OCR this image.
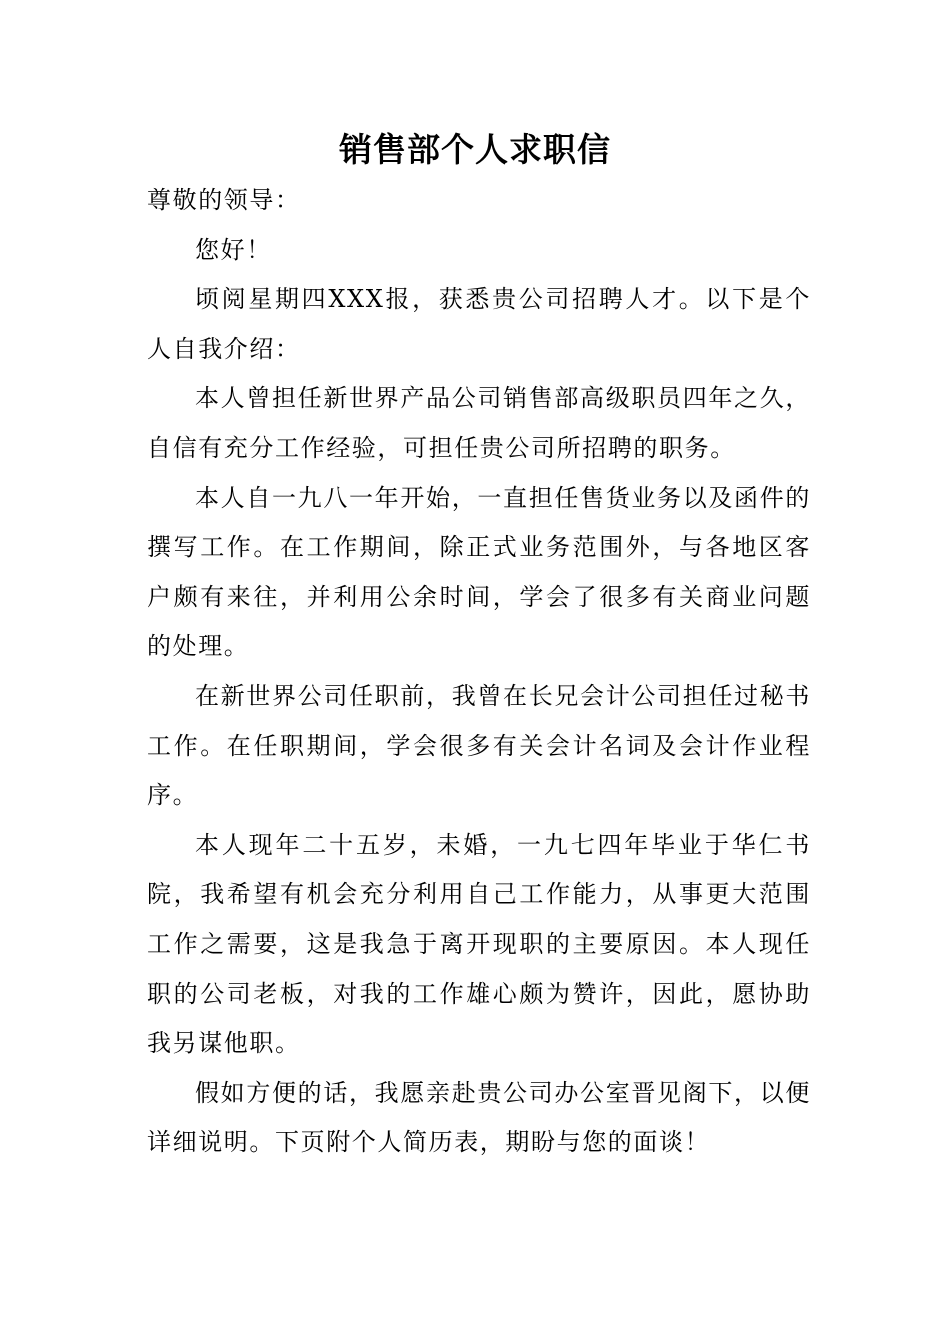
销售部个人求职信

尊敬的领导：

您好！

顷阅星期四XXX报，获悉贵公司招聘人才。以下是个人自我介绍：

本人曾担任新世界产品公司销售部高级职员四年之久，自信有充分工作经验，可担任贵公司所招聘的职务。

本人自一九八一年开始，一直担任售货业务以及函件的撰写工作。在工作期间，除正式业务范围外，与各地区客户颇有来往，并利用公余时间，学会了很多有关商业问题的处理。

在新世界公司任职前，我曾在长兄会计公司担任过秘书工作。在任职期间，学会很多有关会计名词及会计作业程序。

本人现年二十五岁，未婚，一九七四年毕业于华仁书院，我希望有机会充分利用自己工作能力，从事更大范围工作之需要，这是我急于离开现职的主要原因。本人现任职的公司老板，对我的工作雄心颇为赞许，因此，愿协助我另谋他职。

假如方便的话，我愿亲赴贵公司办公室晋见阁下，以便详细说明。下页附个人简历表，期盼与您的面谈！
